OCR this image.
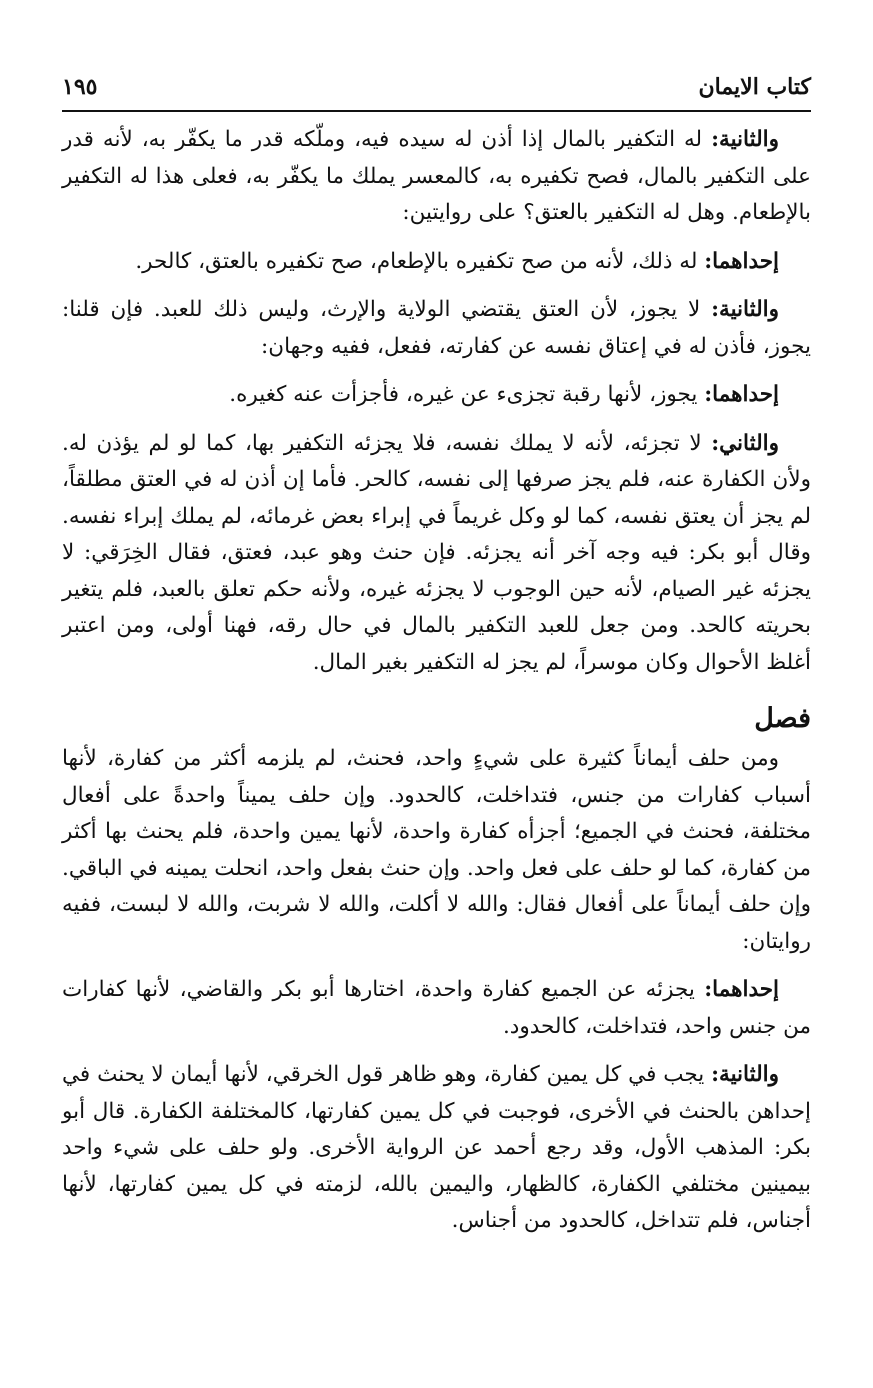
كتاب الايمان
١٩٥

والثانية: له التكفير بالمال إذا أذن له سيده فيه، وملّكه قدر ما يكفّر به، لأنه قدر على التكفير بالمال، فصح تكفيره به، كالمعسر يملك ما يكفّر به، فعلى هذا له التكفير بالإطعام. وهل له التكفير بالعتق؟ على روايتين:

إحداهما: له ذلك، لأنه من صح تكفيره بالإطعام، صح تكفيره بالعتق، كالحر.

والثانية: لا يجوز، لأن العتق يقتضي الولاية والإرث، وليس ذلك للعبد. فإن قلنا: يجوز، فأذن له في إعتاق نفسه عن كفارته، ففعل، ففيه وجهان:

إحداهما: يجوز، لأنها رقبة تجزىء عن غيره، فأجزأت عنه كغيره.

والثاني: لا تجزئه، لأنه لا يملك نفسه، فلا يجزئه التكفير بها، كما لو لم يؤذن له. ولأن الكفارة عنه، فلم يجز صرفها إلى نفسه، كالحر. فأما إن أذن له في العتق مطلقاً، لم يجز أن يعتق نفسه، كما لو وكل غريماً في إبراء بعض غرمائه، لم يملك إبراء نفسه. وقال أبو بكر: فيه وجه آخر أنه يجزئه. فإن حنث وهو عبد، فعتق، فقال الخِرَقي: لا يجزئه غير الصيام، لأنه حين الوجوب لا يجزئه غيره، ولأنه حكم تعلق بالعبد، فلم يتغير بحريته كالحد. ومن جعل للعبد التكفير بالمال في حال رقه، فهنا أولى، ومن اعتبر أغلظ الأحوال وكان موسراً، لم يجز له التكفير بغير المال.

فصل

ومن حلف أيماناً كثيرة على شيءٍ واحد، فحنث، لم يلزمه أكثر من كفارة، لأنها أسباب كفارات من جنس، فتداخلت، كالحدود. وإن حلف يميناً واحدةً على أفعال مختلفة، فحنث في الجميع؛ أجزأه كفارة واحدة، لأنها يمين واحدة، فلم يحنث بها أكثر من كفارة، كما لو حلف على فعل واحد. وإن حنث بفعل واحد، انحلت يمينه في الباقي. وإن حلف أيماناً على أفعال فقال: والله لا أكلت، والله لا شربت، والله لا لبست، ففيه روايتان:

إحداهما: يجزئه عن الجميع كفارة واحدة، اختارها أبو بكر والقاضي، لأنها كفارات من جنس واحد، فتداخلت، كالحدود.

والثانية: يجب في كل يمين كفارة، وهو ظاهر قول الخرقي، لأنها أيمان لا يحنث في إحداهن بالحنث في الأخرى، فوجبت في كل يمين كفارتها، كالمختلفة الكفارة. قال أبو بكر: المذهب الأول، وقد رجع أحمد عن الرواية الأخرى. ولو حلف على شيء واحد بيمينين مختلفي الكفارة، كالظهار، واليمين بالله، لزمته في كل يمين كفارتها، لأنها أجناس، فلم تتداخل، كالحدود من أجناس.
